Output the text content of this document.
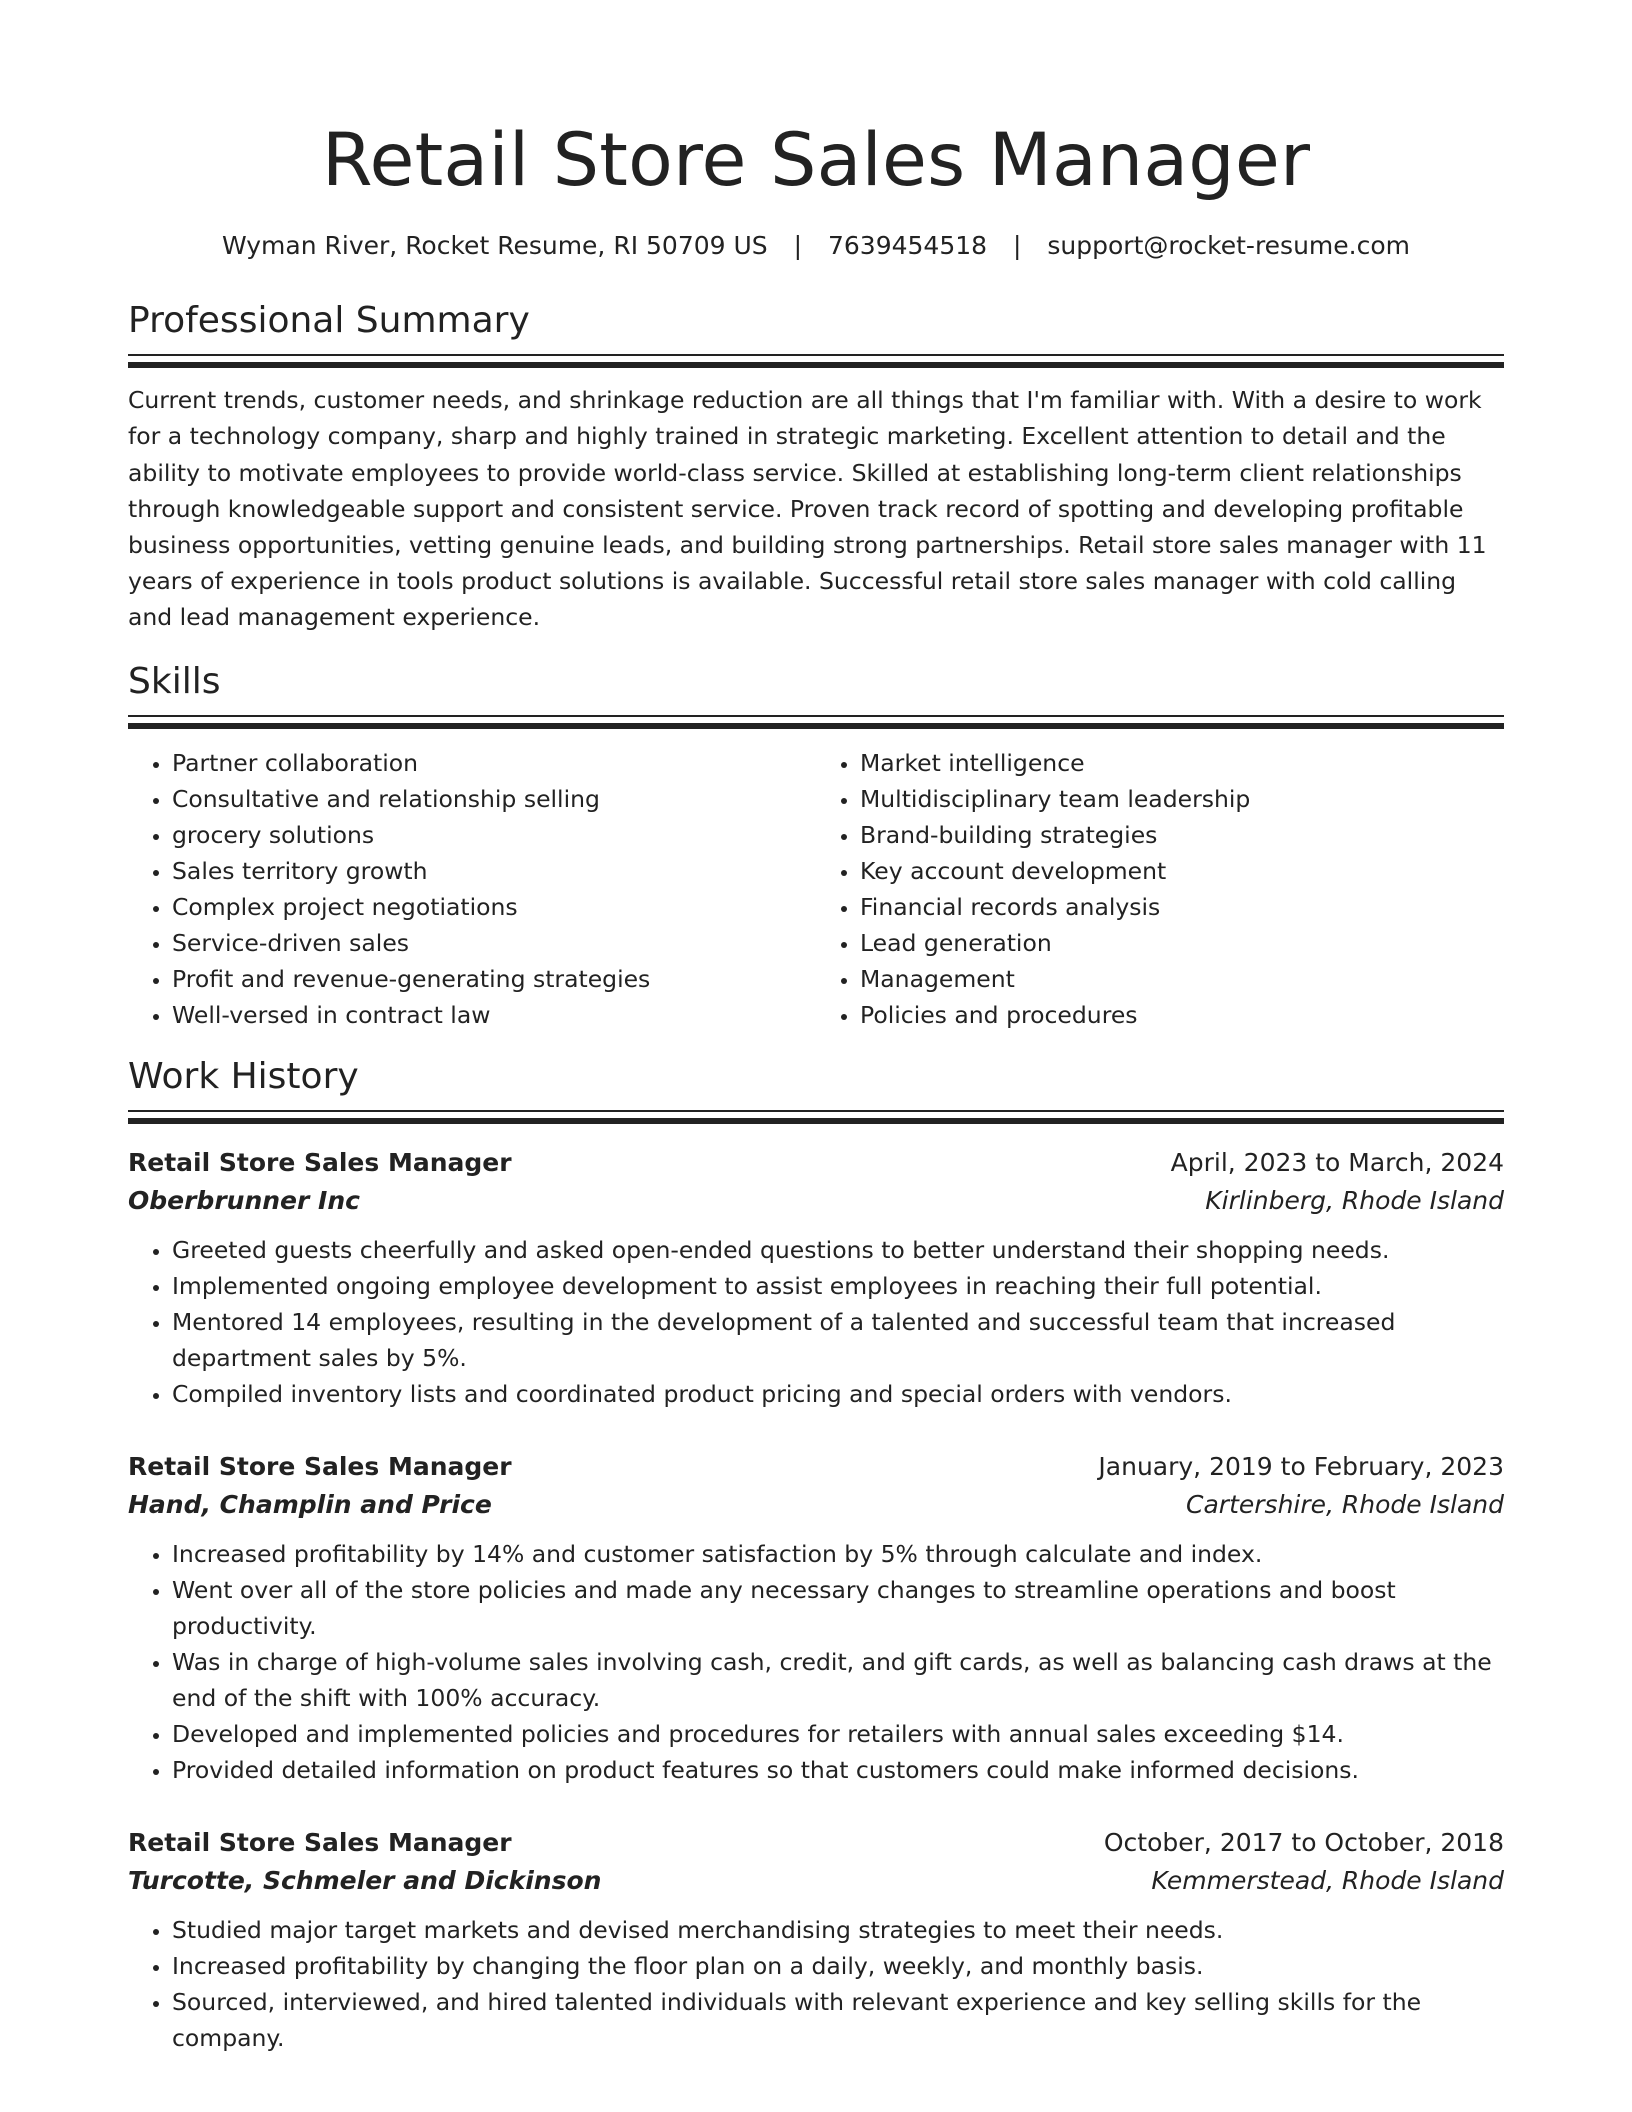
Retail Store Sales Manager
Wyman River, Rocket Resume, RI 50709 US | 7639454518 | support@rocket-resume.com
Professional Summary

Current trends, customer needs, and shrinkage reduction are all things that I'm familiar with. With a desire to work for a technology company, sharp and highly trained in strategic marketing. Excellent attention to detail and the ability to motivate employees to provide world-class service. Skilled at establishing long-term client relationships through knowledgeable support and consistent service. Proven track record of spotting and developing profitable business opportunities, vetting genuine leads, and building strong partnerships. Retail store sales manager with 11 years of experience in tools product solutions is available. Successful retail store sales manager with cold calling and lead management experience.

Skills
• Partner collaboration
• Consultative and relationship selling
• grocery solutions
• Sales territory growth
• Complex project negotiations
• Service-driven sales
• Profit and revenue-generating strategies
• Well-versed in contract law
• Market intelligence
• Multidisciplinary team leadership
• Brand-building strategies
• Key account development
• Financial records analysis
• Lead generation
• Management
• Policies and procedures
Work History
Retail Store Sales Manager	April, 2023 to March, 2024
Oberbrunner Inc	Kirlinberg, Rhode Island
• Greeted guests cheerfully and asked open-ended questions to better understand their shopping needs.
• Implemented ongoing employee development to assist employees in reaching their full potential.
• Mentored 14 employees, resulting in the development of a talented and successful team that increased department sales by 5%.
• Compiled inventory lists and coordinated product pricing and special orders with vendors.
Retail Store Sales Manager	January, 2019 to February, 2023
Hand, Champlin and Price	Cartershire, Rhode Island
• Increased profitability by 14% and customer satisfaction by 5% through calculate and index.
• Went over all of the store policies and made any necessary changes to streamline operations and boost productivity.
• Was in charge of high-volume sales involving cash, credit, and gift cards, as well as balancing cash draws at the end of the shift with 100% accuracy.
• Developed and implemented policies and procedures for retailers with annual sales exceeding $14.
• Provided detailed information on product features so that customers could make informed decisions.
Retail Store Sales Manager	October, 2017 to October, 2018
Turcotte, Schmeler and Dickinson	Kemmerstead, Rhode Island
• Studied major target markets and devised merchandising strategies to meet their needs.
• Increased profitability by changing the floor plan on a daily, weekly, and monthly basis.
• Sourced, interviewed, and hired talented individuals with relevant experience and key selling skills for the company.
